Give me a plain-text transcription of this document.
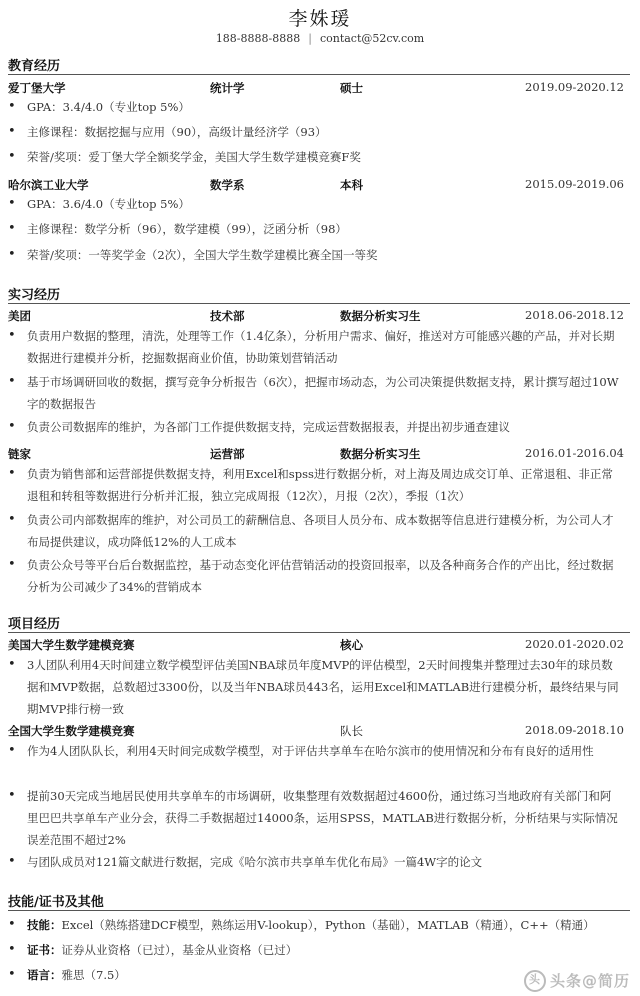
李姝瑗
188-8888-8888 | contact@52cv.com
教育经历
爱丁堡大学	统计学	硕士	2019.09-2020.12
• GPA：3.4/4.0（专业top 5%）
• 主修课程：数据挖掘与应用（90），高级计量经济学（93）
• 荣誉/奖项：爱丁堡大学全额奖学金，美国大学生数学建模竞赛F奖
哈尔滨工业大学	数学系	本科	2015.09-2019.06
• GPA：3.6/4.0（专业top 5%）
• 主修课程：数学分析（96），数学建模（99），泛函分析（98）
• 荣誉/奖项：一等奖学金（2次），全国大学生数学建模比赛全国一等奖
实习经历
美团	技术部	数据分析实习生	2018.06-2018.12
• 负责用户数据的整理，清洗，处理等工作（1.4亿条），分析用户需求、偏好，推送对方可能感兴趣的产品，并对长期数据进行建模并分析，挖掘数据商业价值，协助策划营销活动
• 基于市场调研回收的数据，撰写竞争分析报告（6次），把握市场动态，为公司决策提供数据支持，累计撰写超过10W字的数据报告
• 负责公司数据库的维护，为各部门工作提供数据支持，完成运营数据报表，并提出初步通查建议
链家	运营部	数据分析实习生	2016.01-2016.04
• 负责为销售部和运营部提供数据支持，利用Excel和spss进行数据分析，对上海及周边成交订单、正常退租、非正常退租和转租等数据进行分析并汇报，独立完成周报（12次），月报（2次），季报（1次）
• 负责公司内部数据库的维护，对公司员工的薪酬信息、各项目人员分布、成本数据等信息进行建模分析，为公司人才布局提供建议，成功降低12%的人工成本
• 负责公众号等平台后台数据监控，基于动态变化评估营销活动的投资回报率，以及各种商务合作的产出比，经过数据分析为公司减少了34%的营销成本
项目经历
美国大学生数学建模竞赛	核心	2020.01-2020.02
• 3人团队利用4天时间建立数学模型评估美国NBA球员年度MVP的评估模型，2天时间搜集并整理过去30年的球员数据和MVP数据，总数超过3300份，以及当年NBA球员443名，运用Excel和MATLAB进行建模分析，最终结果与同期MVP排行榜一致
全国大学生数学建模竞赛	队长	2018.09-2018.10
• 作为4人团队队长，利用4天时间完成数学模型，对于评估共享单车在哈尔滨市的使用情况和分布有良好的适用性
• 提前30天完成当地居民使用共享单车的市场调研，收集整理有效数据超过4600份，通过练习当地政府有关部门和阿里巴巴共享单车产业分会，获得二手数据超过14000条，运用SPSS，MATLAB进行数据分析，分析结果与实际情况误差范围不超过2%
• 与团队成员对121篇文献进行数据，完成《哈尔滨市共享单车优化布局》一篇4W字的论文
技能/证书及其他
• 技能：Excel（熟练搭建DCF模型，熟练运用V-lookup），Python（基础），MATLAB（精通），C++（精通）
• 证书：证券从业资格（已过），基金从业资格（已过）
• 语言：雅思（7.5）	头 头条@简历
